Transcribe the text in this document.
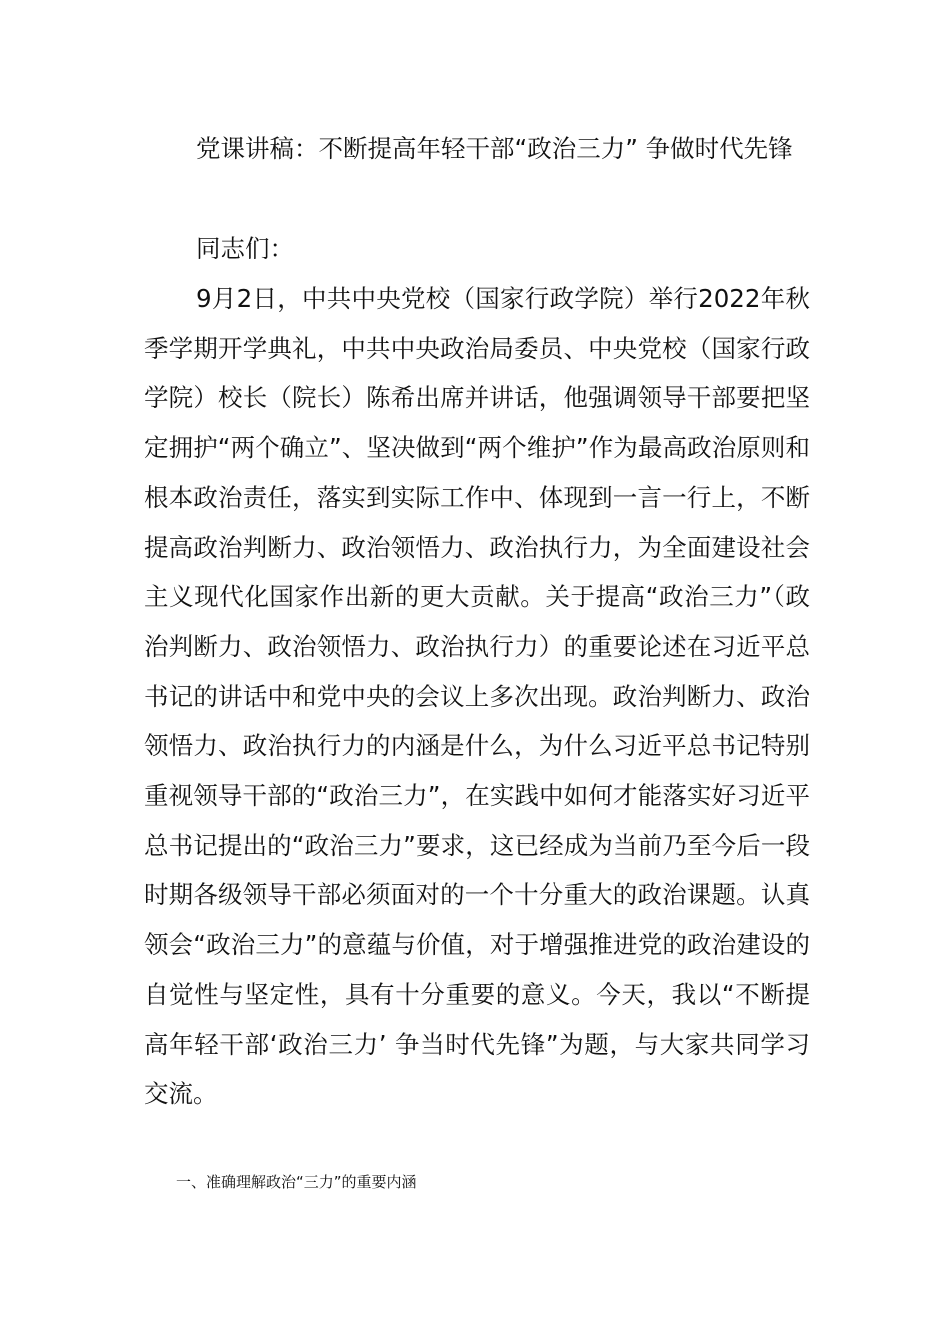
党课讲稿：不断提高年轻干部“政治三力” 争做时代先锋
同志们：
9月2日，中共中央党校（国家行政学院）举行2022年秋季学期开学典礼，中共中央政治局委员、中央党校（国家行政学院）校长（院长）陈希出席并讲话，他强调领导干部要把坚定拥护“两个确立”、坚决做到“两个维护”作为最高政治原则和根本政治责任，落实到实际工作中、体现到一言一行上，不断提高政治判断力、政治领悟力、政治执行力，为全面建设社会主义现代化国家作出新的更大贡献。关于提高“政治三力”（政治判断力、政治领悟力、政治执行力）的重要论述在习近平总书记的讲话中和党中央的会议上多次出现。政治判断力、政治领悟力、政治执行力的内涵是什么，为什么习近平总书记特别重视领导干部的“政治三力”，在实践中如何才能落实好习近平总书记提出的“政治三力”要求，这已经成为当前乃至今后一段时期各级领导干部必须面对的一个十分重大的政治课题。认真领会“政治三力”的意蕴与价值，对于增强推进党的政治建设的自觉性与坚定性，具有十分重要的意义。今天，我以“不断提高年轻干部‘政治三力’ 争当时代先锋”为题，与大家共同学习交流。
一、准确理解政治“三力”的重要内涵
